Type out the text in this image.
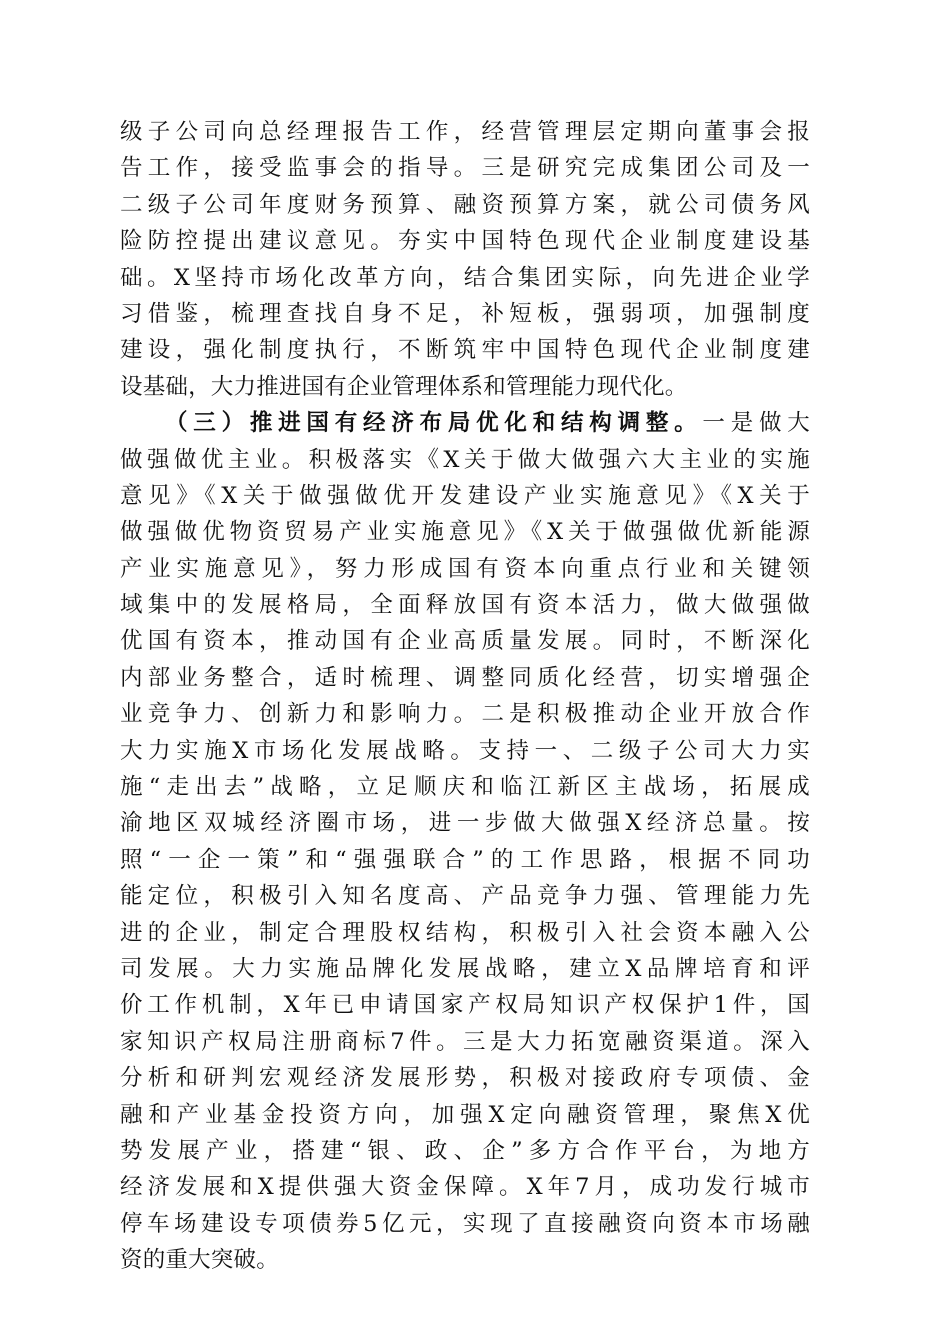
级子公司向总经理报告工作，经营管理层定期向董事会报
告工作，接受监事会的指导。三是研究完成集团公司及一
二级子公司年度财务预算、融资预算方案，就公司债务风
险防控提出建议意见。夯实中国特色现代企业制度建设基
础。X坚持市场化改革方向，结合集团实际，向先进企业学
习借鉴，梳理查找自身不足，补短板，强弱项，加强制度
建设，强化制度执行，不断筑牢中国特色现代企业制度建
设基础，大力推进国有企业管理体系和管理能力现代化。
（三）推进国有经济布局优化和结构调整。一是做大
做强做优主业。积极落实《X关于做大做强六大主业的实施
意见》《X关于做强做优开发建设产业实施意见》《X关于
做强做优物资贸易产业实施意见》《X关于做强做优新能源
产业实施意见》，努力形成国有资本向重点行业和关键领
域集中的发展格局，全面释放国有资本活力，做大做强做
优国有资本，推动国有企业高质量发展。同时，不断深化
内部业务整合，适时梳理、调整同质化经营，切实增强企
业竞争力、创新力和影响力。二是积极推动企业开放合作
大力实施X市场化发展战略。支持一、二级子公司大力实
施“走出去”战略，立足顺庆和临江新区主战场，拓展成
渝地区双城经济圈市场，进一步做大做强X经济总量。按
照“一企一策”和“强强联合”的工作思路，根据不同功
能定位，积极引入知名度高、产品竞争力强、管理能力先
进的企业，制定合理股权结构，积极引入社会资本融入公
司发展。大力实施品牌化发展战略，建立X品牌培育和评
价工作机制，X年已申请国家产权局知识产权保护1件，国
家知识产权局注册商标7件。三是大力拓宽融资渠道。深入
分析和研判宏观经济发展形势，积极对接政府专项债、金
融和产业基金投资方向，加强X定向融资管理，聚焦X优
势发展产业，搭建“银、政、企”多方合作平台，为地方
经济发展和X提供强大资金保障。X年7月，成功发行城市
停车场建设专项债券5亿元，实现了直接融资向资本市场融
资的重大突破。
